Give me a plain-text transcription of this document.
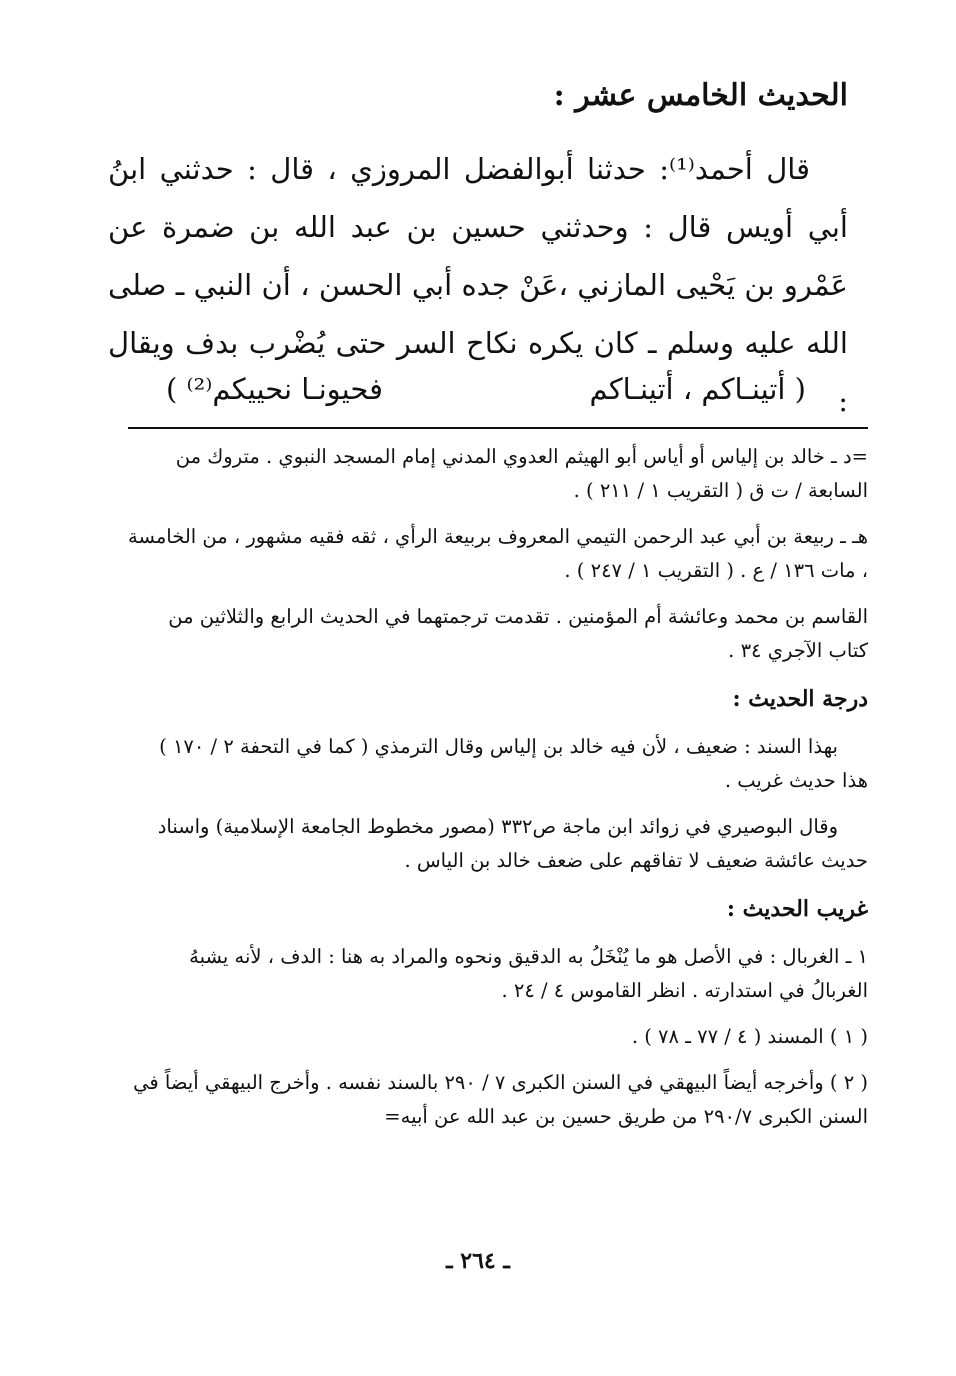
الحديث الخامس عشر :

قال أحمد⁽¹⁾: حدثنا أبوالفضل المروزي ، قال : حدثني ابنُ أبي أويس قال : وحدثني حسين بن عبد الله بن ضمرة عن عَمْرو بن يَحْيى المازني ،عَنْ جده أبي الحسن ، أن النبي ـ صلى الله عليه وسلم ـ كان يكره نكاح السر حتى يُضْرب بدف ويقال :

( أتينـاكم ، أتينـاكم
فحيونـا نحييكم⁽²⁾ )

=د ـ خالد بن إلياس أو أياس أبو الهيثم العدوي المدني إمام المسجد النبوي . متروك من السابعة / ت ق ( التقريب ١ / ٢١١ ) .

هـ ـ ربيعة بن أبي عبد الرحمن التيمي المعروف بربيعة الرأي ، ثقه فقيه مشهور ، من الخامسة ، مات ١٣٦ / ع . ( التقريب ١ / ٢٤٧ ) .

القاسم بن محمد وعائشة أم المؤمنين . تقدمت ترجمتهما في الحديث الرابع والثلاثين من كتاب الآجري ٣٤ .

درجة الحديث :

بهذا السند : ضعيف ، لأن فيه خالد بن إلياس وقال الترمذي ( كما في التحفة ٢ / ١٧٠ ) هذا حديث غريب .

وقال البوصيري في زوائد ابن ماجة ص٣٣٢ (مصور مخطوط الجامعة الإسلامية) واسناد حديث عائشة ضعيف لا تفاقهم على ضعف خالد بن الياس .

غريب الحديث :

١ ـ الغربال : في الأصل هو ما يُنْخَلُ به الدقيق ونحوه والمراد به هنا : الدف ، لأنه يشبهُ الغربالُ في استدارته . انظر القاموس ٤ / ٢٤ .

( ١ ) المسند ( ٤ / ٧٧ ـ ٧٨ ) .

( ٢ ) وأخرجه أيضاً البيهقي في السنن الكبرى ٧ / ٢٩٠ بالسند نفسه . وأخرج البيهقي أيضاً في السنن الكبرى ٢٩٠/٧ من طريق حسين بن عبد الله عن أبيه=

ـ ٢٦٤ ـ
